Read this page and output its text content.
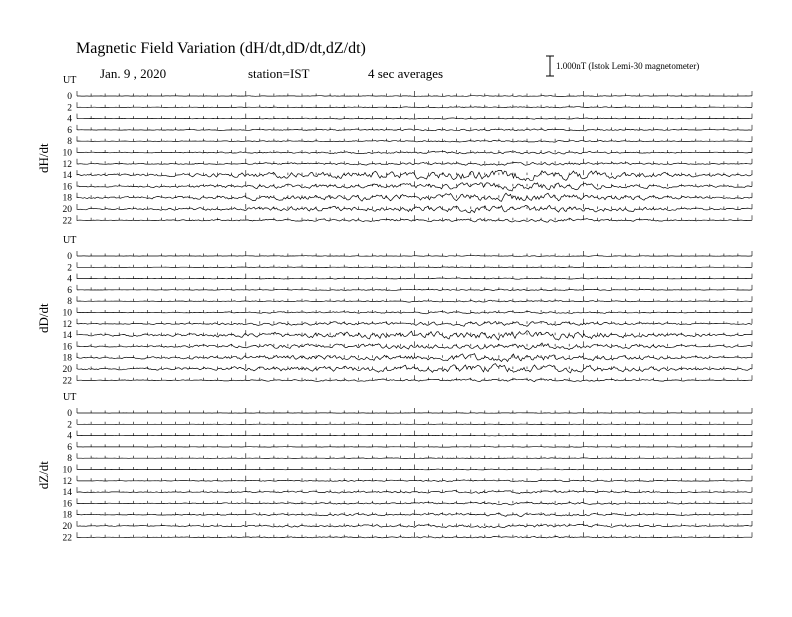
Magnetic Field Variation (dH/dt,dD/dt,dZ/dt)
Jan. 9 , 2020	station=IST	4 sec averages	1.000nT (Istok Lemi-30 magnetometer)
UT
dH/dt
0
2
4
6
8
10
12
14
16
18
20
22
UT
dD/dt
0
2
4
6
8
10
12
14
16
18
20
22
UT
dZ/dt
0
2
4
6
8
10
12
14
16
18
20
22
